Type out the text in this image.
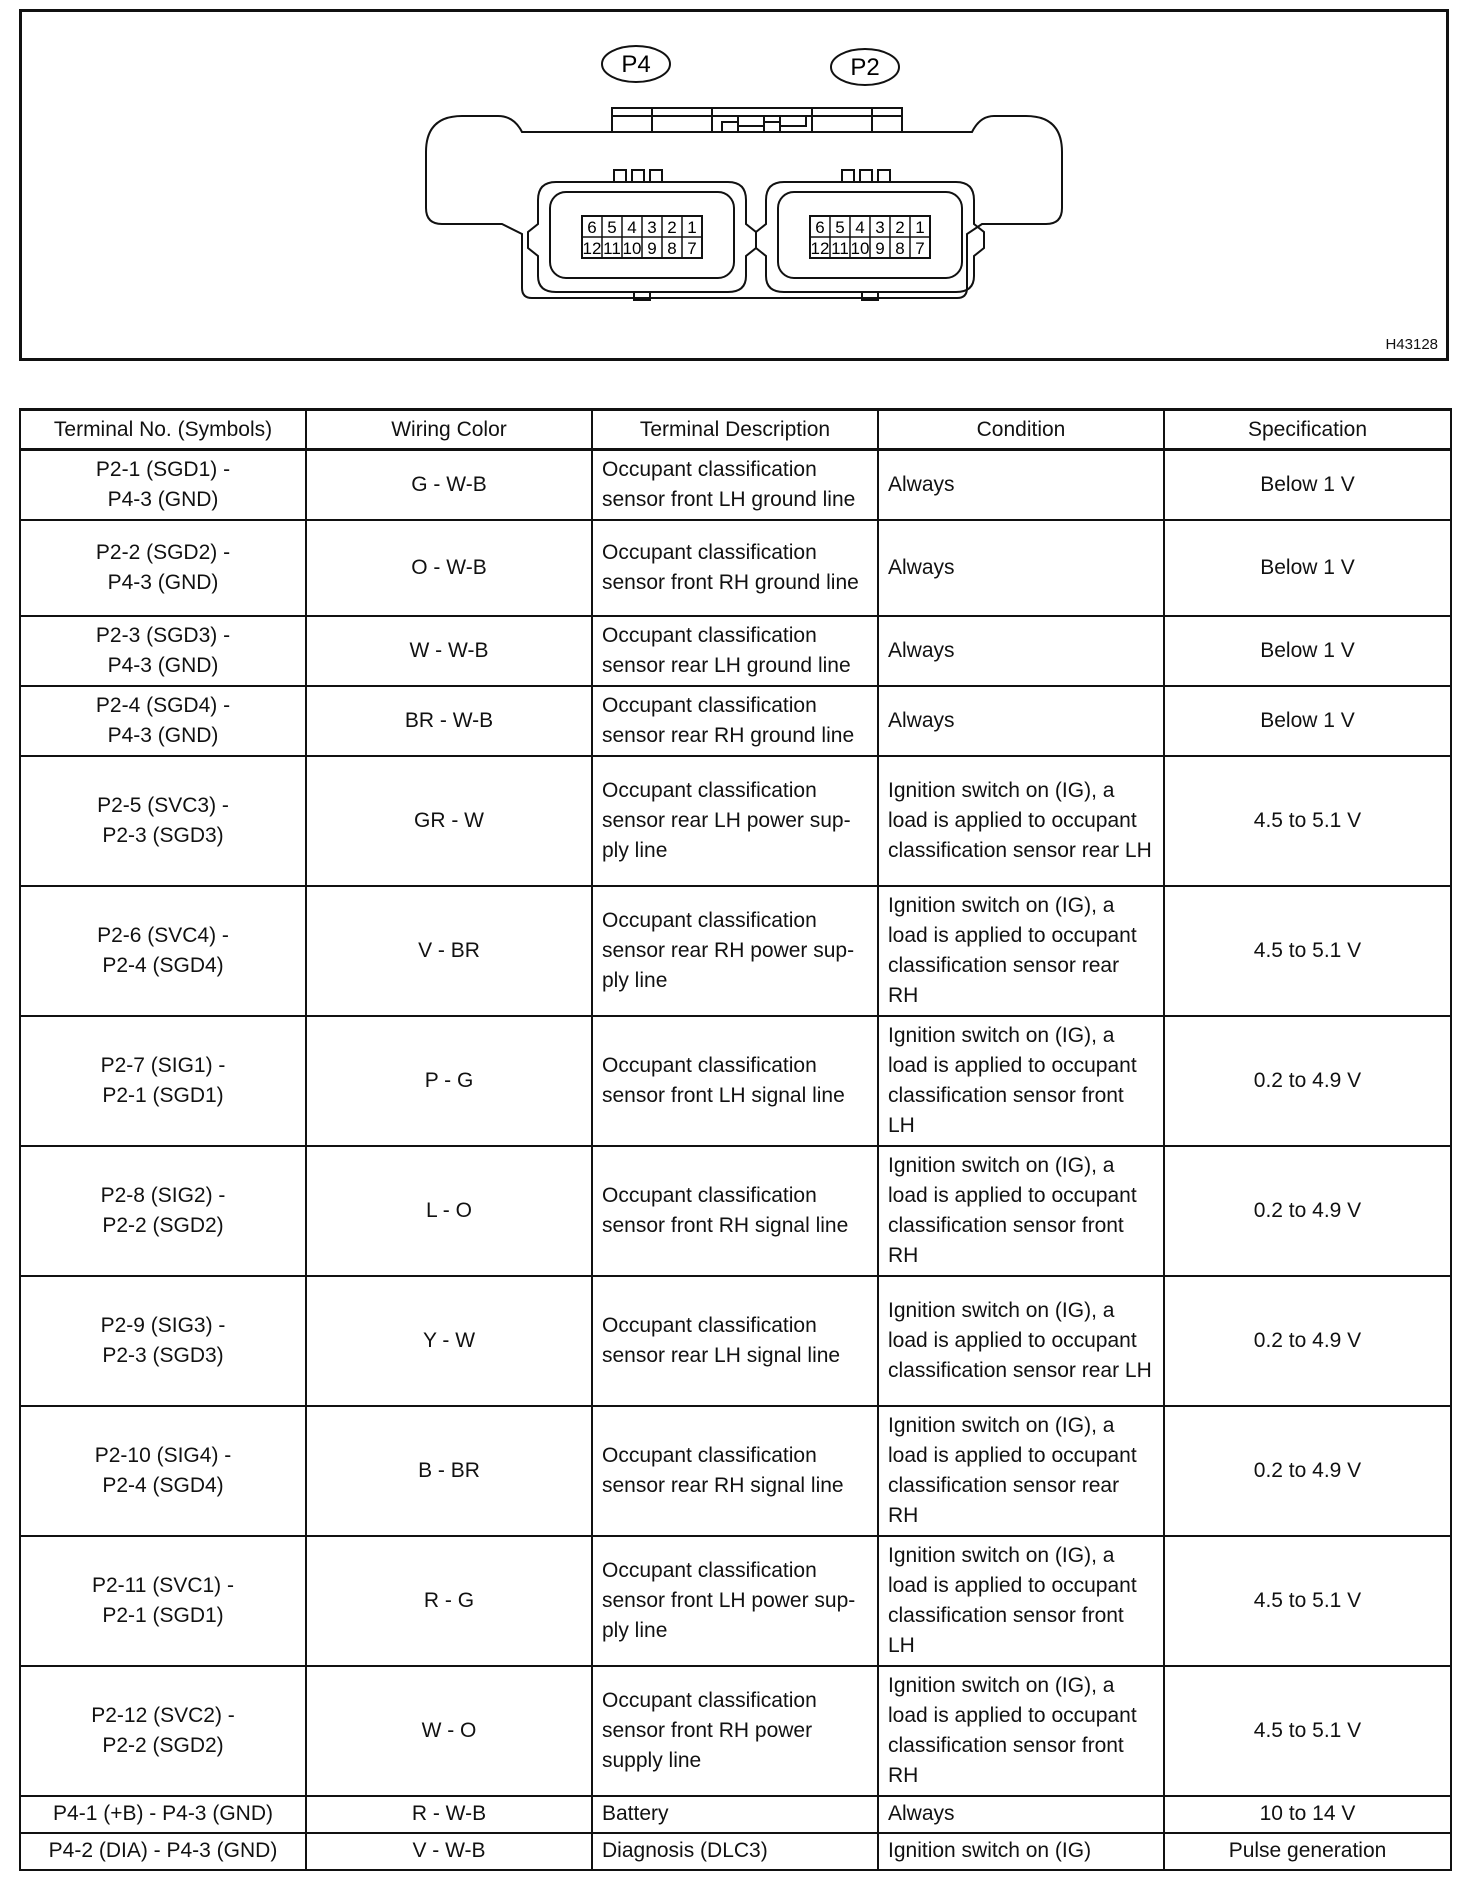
P4	P2
6 5 4 3 2 1
12 11 10 9 8 7
6 5 4 3 2 1
12 11 10 9 8 7
H43128
Terminal No. (Symbols)	Wiring Color	Terminal Description	Condition	Specification
P2-1 (SGD1) -
P4-3 (GND)	G - W-B	Occupant classification sensor front LH ground line	Always	Below 1 V
P2-2 (SGD2) -
P4-3 (GND)	O - W-B	Occupant classification sensor front RH ground line	Always	Below 1 V
P2-3 (SGD3) -
P4-3 (GND)	W - W-B	Occupant classification sensor rear LH ground line	Always	Below 1 V
P2-4 (SGD4) -
P4-3 (GND)	BR - W-B	Occupant classification sensor rear RH ground line	Always	Below 1 V
P2-5 (SVC3) -
P2-3 (SGD3)	GR - W	Occupant classification sensor rear LH power sup-ply line	Ignition switch on (IG), a load is applied to occupant classification sensor rear LH	4.5 to 5.1 V
P2-6 (SVC4) -
P2-4 (SGD4)	V - BR	Occupant classification sensor rear RH power sup-ply line	Ignition switch on (IG), a load is applied to occupant classification sensor rear RH	4.5 to 5.1 V
P2-7 (SIG1) -
P2-1 (SGD1)	P - G	Occupant classification sensor front LH signal line	Ignition switch on (IG), a load is applied to occupant classification sensor front LH	0.2 to 4.9 V
P2-8 (SIG2) -
P2-2 (SGD2)	L - O	Occupant classification sensor front RH signal line	Ignition switch on (IG), a load is applied to occupant classification sensor front RH	0.2 to 4.9 V
P2-9 (SIG3) -
P2-3 (SGD3)	Y - W	Occupant classification sensor rear LH signal line	Ignition switch on (IG), a load is applied to occupant classification sensor rear LH	0.2 to 4.9 V
P2-10 (SIG4) -
P2-4 (SGD4)	B - BR	Occupant classification sensor rear RH signal line	Ignition switch on (IG), a load is applied to occupant classification sensor rear RH	0.2 to 4.9 V
P2-11 (SVC1) -
P2-1 (SGD1)	R - G	Occupant classification sensor front LH power sup-ply line	Ignition switch on (IG), a load is applied to occupant classification sensor front LH	4.5 to 5.1 V
P2-12 (SVC2) -
P2-2 (SGD2)	W - O	Occupant classification sensor front RH power supply line	Ignition switch on (IG), a load is applied to occupant classification sensor front RH	4.5 to 5.1 V
P4-1 (+B) - P4-3 (GND)	R - W-B	Battery	Always	10 to 14 V
P4-2 (DIA) - P4-3 (GND)	V - W-B	Diagnosis (DLC3)	Ignition switch on (IG)	Pulse generation
